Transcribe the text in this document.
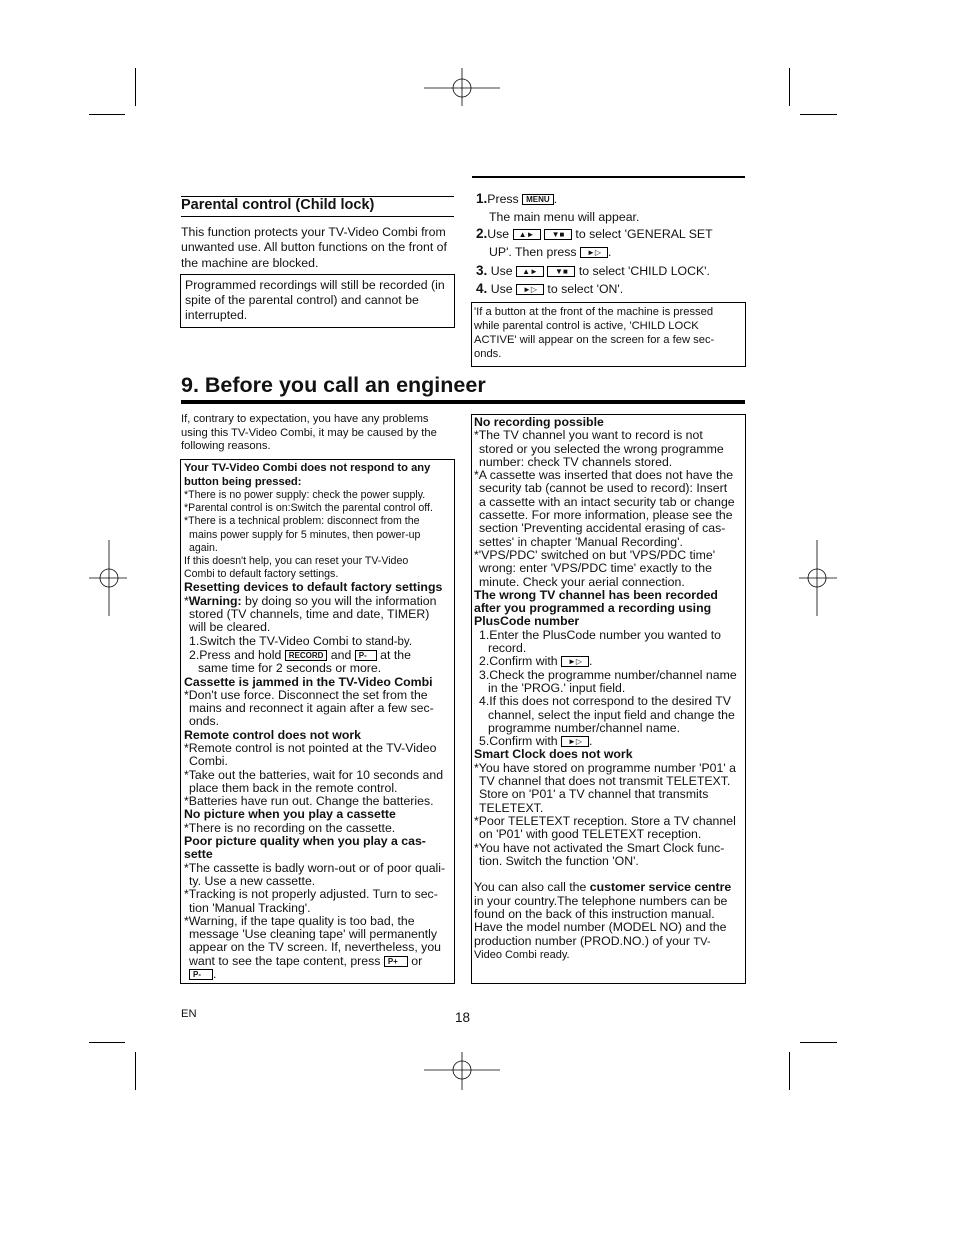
Parental control (Child lock)
This function protects your TV-Video Combi from
unwanted use. All button functions on the front of
the machine are blocked.
Programmed recordings will still be recorded (in
spite of the parental control) and cannot be
interrupted.
1.Press MENU .
The main menu will appear.
2.Use ▲► ▼■ to select 'GENERAL SET
UP'. Then press ►▷ .
3. Use ▲► ▼■ to select 'CHILD LOCK'.
4. Use ►▷ to select 'ON'.
'If a button at the front of the machine is pressed
while parental control is active, 'CHILD LOCK
ACTIVE' will appear on the screen for a few sec-
onds.
9. Before you call an engineer
If, contrary to expectation, you have any problems
using this TV-Video Combi, it may be caused by the
following reasons.
Your TV-Video Combi does not respond to any
button being pressed:
*There is no power supply: check the power supply.
*Parental control is on:Switch the parental control off.
*There is a technical problem: disconnect from the
mains power supply for 5 minutes, then power-up
again.
If this doesn't help, you can reset your TV-Video
Combi to default factory settings.
Resetting devices to default factory settings
*Warning: by doing so you will the information
stored (TV channels, time and date, TIMER)
will be cleared.
1.Switch the TV-Video Combi to stand-by.
2.Press and hold RECORD and P- at the
same time for 2 seconds or more.
Cassette is jammed in the TV-Video Combi
*Don't use force. Disconnect the set from the
mains and reconnect it again after a few sec-
onds.
Remote control does not work
*Remote control is not pointed at the TV-Video
Combi.
*Take out the batteries, wait for 10 seconds and
place them back in the remote control.
*Batteries have run out. Change the batteries.
No picture when you play a cassette
*There is no recording on the cassette.
Poor picture quality when you play a cas-
sette
*The cassette is badly worn-out or of poor quali-
ty. Use a new cassette.
*Tracking is not properly adjusted. Turn to sec-
tion 'Manual Tracking'.
*Warning, if the tape quality is too bad, the
message 'Use cleaning tape' will permanently
appear on the TV screen. If, nevertheless, you
want to see the tape content, press P+ or
P- .
No recording possible
*The TV channel you want to record is not
stored or you selected the wrong programme
number: check TV channels stored.
*A cassette was inserted that does not have the
security tab (cannot be used to record): Insert
a cassette with an intact security tab or change
cassette. For more information, please see the
section 'Preventing accidental erasing of cas-
settes' in chapter 'Manual Recording'.
*'VPS/PDC' switched on but 'VPS/PDC time'
wrong: enter 'VPS/PDC time' exactly to the
minute. Check your aerial connection.
The wrong TV channel has been recorded
after you programmed a recording using
PlusCode number
1.Enter the PlusCode number you wanted to
record.
2.Confirm with ►▷ .
3.Check the programme number/channel name
in the 'PROG.' input field.
4.If this does not correspond to the desired TV
channel, select the input field and change the
programme number/channel name.
5.Confirm with ►▷ .
Smart Clock does not work
*You have stored on programme number 'P01' a
TV channel that does not transmit TELETEXT.
Store on 'P01' a TV channel that transmits
TELETEXT.
*Poor TELETEXT reception. Store a TV channel
on 'P01' with good TELETEXT reception.
*You have not activated the Smart Clock func-
tion. Switch the function 'ON'.
You can also call the customer service centre
in your country.The telephone numbers can be
found on the back of this instruction manual.
Have the model number (MODEL NO) and the
production number (PROD.NO.) of your TV-
Video Combi ready.
EN	18
